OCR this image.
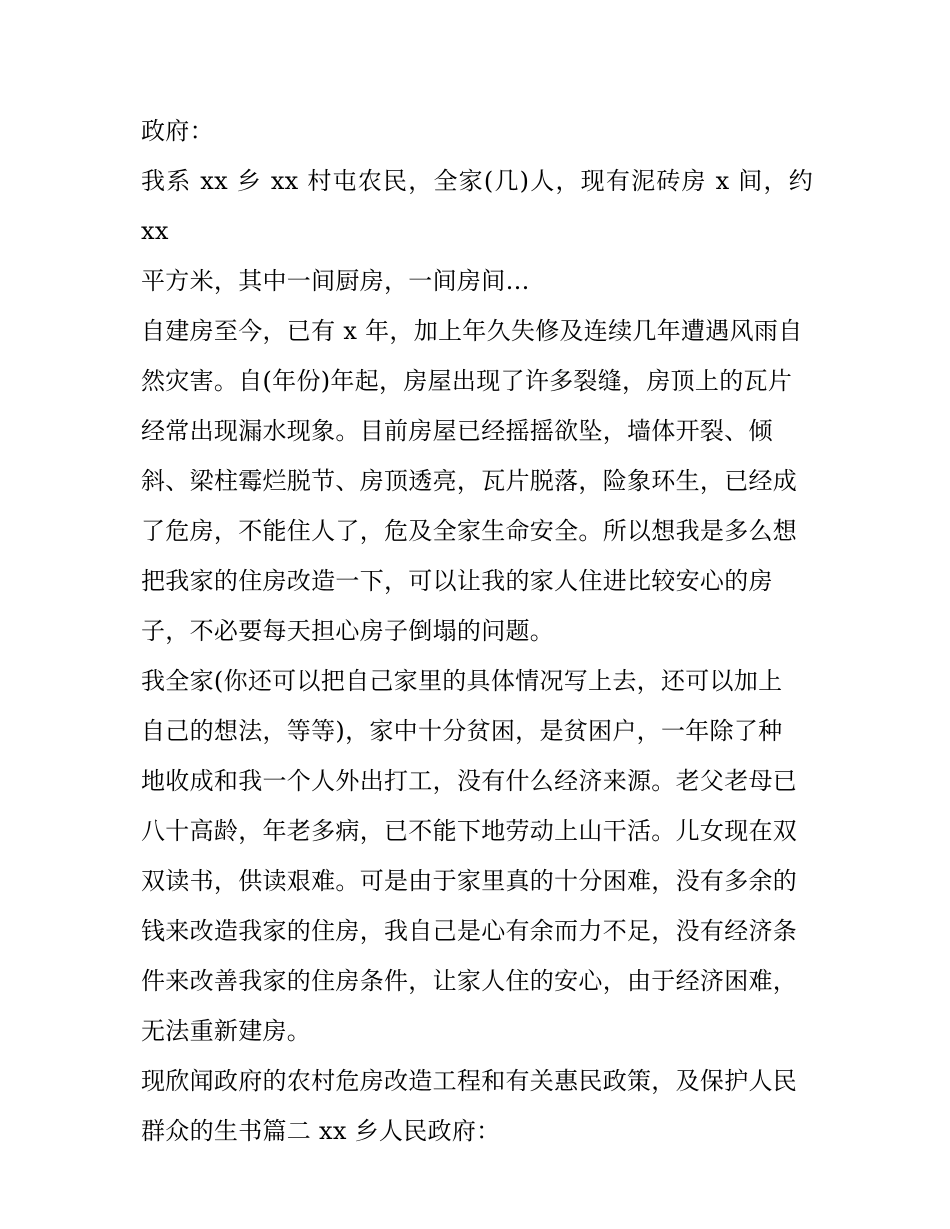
政府：

我系 xx 乡 xx 村屯农民，全家(几)人，现有泥砖房 x 间，约 xx

平方米，其中一间厨房，一间房间…

自建房至今，已有 x 年，加上年久失修及连续几年遭遇风雨自

然灾害。自(年份)年起，房屋出现了许多裂缝，房顶上的瓦片

经常出现漏水现象。目前房屋已经摇摇欲坠，墙体开裂、倾

斜、梁柱霉烂脱节、房顶透亮，瓦片脱落，险象环生，已经成

了危房，不能住人了，危及全家生命安全。所以想我是多么想

把我家的住房改造一下，可以让我的家人住进比较安心的房

子，不必要每天担心房子倒塌的问题。

我全家(你还可以把自己家里的具体情况写上去，还可以加上

自己的想法，等等)，家中十分贫困，是贫困户，一年除了种

地收成和我一个人外出打工，没有什么经济来源。老父老母已

八十高龄，年老多病，已不能下地劳动上山干活。儿女现在双

双读书，供读艰难。可是由于家里真的十分困难，没有多余的

钱来改造我家的住房，我自己是心有余而力不足，没有经济条

件来改善我家的住房条件，让家人住的安心，由于经济困难，

无法重新建房。

现欣闻政府的农村危房改造工程和有关惠民政策，及保护人民

群众的生书篇二 xx 乡人民政府：
